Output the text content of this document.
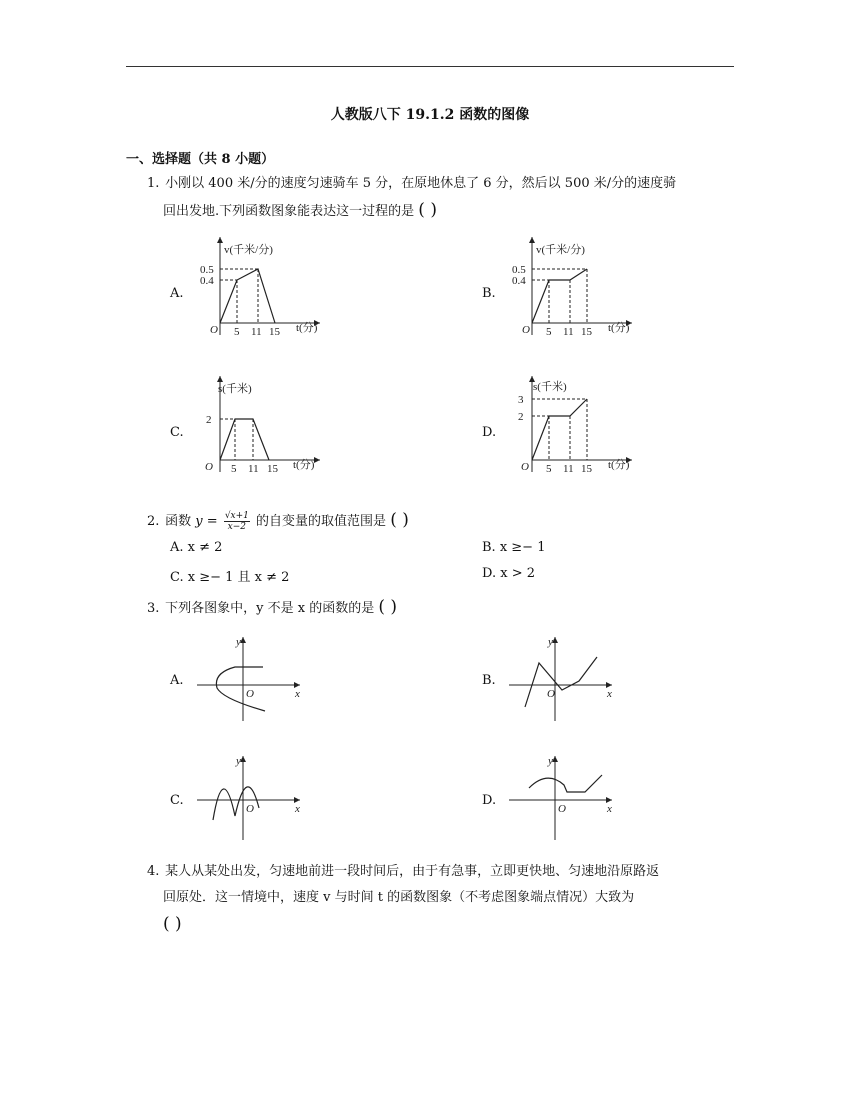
人教版八下 19.1.2 函数的图像
一、选择题（共 8 小题）
1. 小刚以 400 米/分的速度匀速骑车 5 分，在原地休息了 6 分，然后以 500 米/分的速度骑
回出发地.下列函数图象能表达这一过程的是 ( )
A.
v(千米/分)
0.5
0.4
O 5 11 15 t(分)
B.
v(千米/分)
0.5
0.4
O 5 11 15 t(分)
C.
s(千米)
2
O 5 11 15 t(分)
D.
s(千米)
3
2
O 5 11 15 t(分)
2. 函数 $y = \frac{√x+1}{x-2}$ 的自变量的取值范围是 ( )
A. x ≠ 2	B. x ≥− 1
C. x ≥− 1 且 x ≠ 2	D. x > 2
3. 下列各图象中，y 不是 x 的函数的是 ( )
A.
y
O	x
B.
y
O	x
C.
y
O	x
D.
y
O	x
4. 某人从某处出发，匀速地前进一段时间后，由于有急事，立即更快地、匀速地沿原路返
回原处．这一情境中，速度 v 与时间 t 的函数图象（不考虑图象端点情况）大致为
( )
